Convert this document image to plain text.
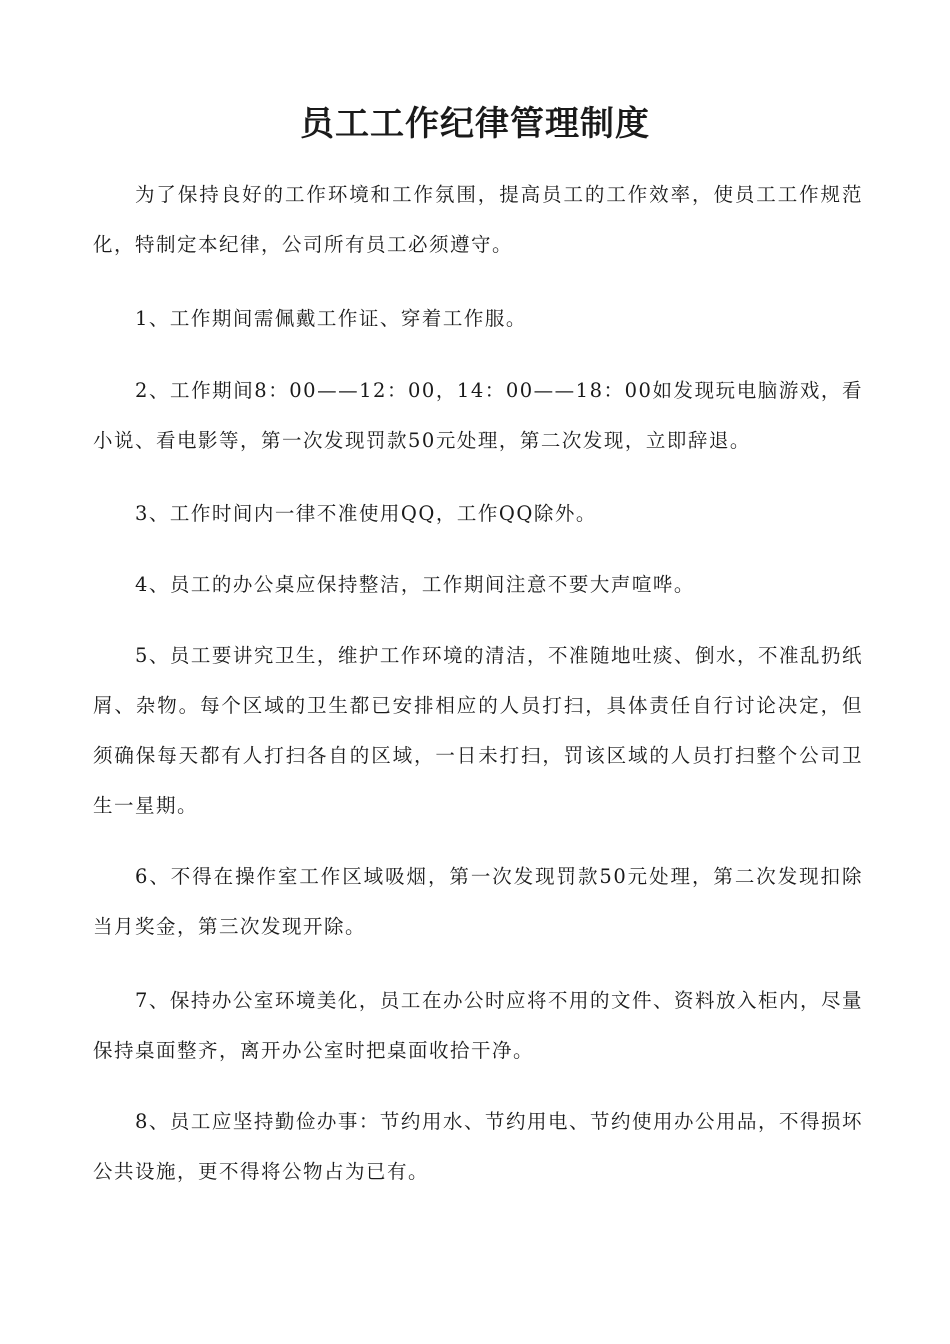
员工工作纪律管理制度

为了保持良好的工作环境和工作氛围，提高员工的工作效率，使员工工作规范化，特制定本纪律，公司所有员工必须遵守。

1、工作期间需佩戴工作证、穿着工作服。

2、工作期间8：00——12：00，14：00——18：00如发现玩电脑游戏，看小说、看电影等，第一次发现罚款50元处理，第二次发现，立即辞退。

3、工作时间内一律不准使用QQ，工作QQ除外。

4、员工的办公桌应保持整洁，工作期间注意不要大声喧哗。

5、员工要讲究卫生，维护工作环境的清洁，不准随地吐痰、倒水，不准乱扔纸屑、杂物。每个区域的卫生都已安排相应的人员打扫，具体责任自行讨论决定，但须确保每天都有人打扫各自的区域，一日未打扫，罚该区域的人员打扫整个公司卫生一星期。

6、不得在操作室工作区域吸烟，第一次发现罚款50元处理，第二次发现扣除当月奖金，第三次发现开除。

7、保持办公室环境美化，员工在办公时应将不用的文件、资料放入柜内，尽量保持桌面整齐，离开办公室时把桌面收拾干净。

8、员工应坚持勤俭办事：节约用水、节约用电、节约使用办公用品，不得损坏公共设施，更不得将公物占为已有。
